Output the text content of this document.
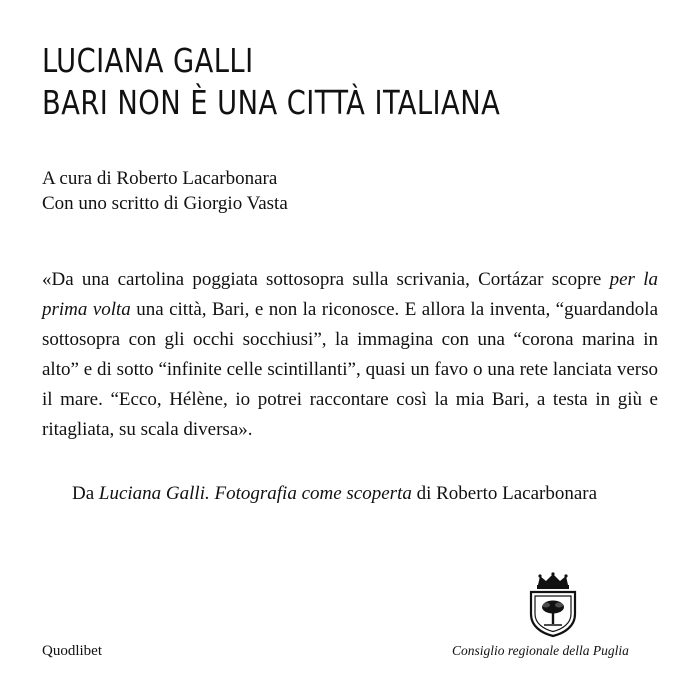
LUCIANA GALLI
BARI NON È UNA CITTÀ ITALIANA
A cura di Roberto Lacarbonara
Con uno scritto di Giorgio Vasta

«Da una cartolina poggiata sottosopra sulla scrivania, Cortázar scopre per la prima volta una città, Bari, e non la riconosce. E allora la inventa, “guardandola sottosopra con gli occhi socchiusi”, la immagina con una “corona marina in alto” e di sotto “infinite celle scintillanti”, quasi un favo o una rete lanciata verso il mare. “Ecco, Hélène, io potrei raccontare così la mia Bari, a testa in giù e ritagliata, su scala diversa».

Da Luciana Galli. Fotografia come scoperta di Roberto Lacarbonara
Quodlibet	Consiglio regionale della Puglia
